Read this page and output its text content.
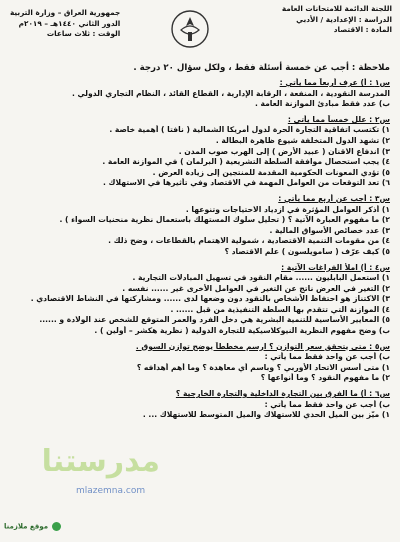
اللجنة الدائمة للامتحانات العامة
الدراسة : الإعدادية / الأدبي
المادة : الاقتصاد
جمهورية العراق – وزارة التربية
الدور الثاني ١٤٤٠هـ – ٢٠١٩م
الوقت : ثلاث ساعات
ملاحظة : أجب عن خمسة أسئلة فقط ، ولكل سؤال ٢٠ درجة .
س١ : أ) عرف أربعاً مما يأتي :
المدرسة النقودية ، المنفعة ، الرقابة الإدارية ، القطاع القائد ، النظام التجاري الدولي .
ب) عدد فقط مبادئ الموازنة العامة .
س٢ : علل خمساً مما يأتي :
١) تكتسب اتفاقية التجارة الحرة لدول أمريكا الشمالية ( نافتا ) أهمية خاصة .
٢) تشهد الدول المتخلفة شيوع ظاهرة البطالة .
٣) اندفاع الاقنان ( عبيد الأرض ) إلى الهرب صوب المدن .
٤) يجب استحصال موافقة السلطة التشريعية ( البرلمان ) في الموازنة العامة .
٥) تؤدي المعونات الحكومية المقدمة للمنتجين إلى زيادة العرض .
٦) تعد التوقعات من العوامل المهمة في الاقتصاد وفي تأثيرها في الاستهلاك .
س٣ : أجب عن أربع مما يأتي :
١) أذكر العوامل المؤثرة في ازدياد الاحتياجات وتنوعها .
٢) ما مفهوم العبارة الآتية ؟ ( تحليل سلوك المستهلك باستعمال نظرية منحنيات السواء ) .
٣) عدد خصائص الأسواق المالية .
٤) من مقومات التنمية الاقتصادية ، شمولية الاهتمام بالقطاعات ، وضح ذلك .
٥) كيف عرّف ( سامويلسون ) علم الاقتصاد ؟
س٤ : أ) املأ الفراغات الآتية :
١) استعمل البابليون ...... مقام النقود في تسهيل المبادلات التجارية .
٢) التغير في العرض ناتج عن التغير في العوامل الأخرى غير ...... نفسه .
٣) الاكتناز هو احتفاظ الأشخاص بالنقود دون وضعها لدى ...... ومشاركتها في النشاط الاقتصادي .
٤) الموازنة التي تتقدم بها السلطة التنفيذية من قبل ...... .
٥) المعايير الأساسية للتنمية البشرية هي دخل الفرد والعمر المتوقع للشخص عند الولادة و ......
ب) وضح مفهوم النظرية النيوكلاسيكية للتجارة الدولية ( نظرية هكشر – أولين ) .
س٥ : متى يتحقق سعر التوازن ؟ ارسم مخططاً يوضح توازن السوق .
ب) أجب عن واحد فقط مما يأتي :
١) متى أسس الاتحاد الأوربي ؟ وباسم أي معاهدة ؟ وما أهم أهدافه ؟
٢) ما مفهوم النقود ؟ وما أنواعها ؟
س٦ : أ) ما الفرق بين التجارة الداخلية والتجارة الخارجية ؟
ب) أجب عن واحد فقط مما يأتي :
١) ميّز بين الميل الحدي للاستهلاك والميل المتوسط للاستهلاك ... .
مدرستنا
mlazemna.com
موقع ملازمنا
